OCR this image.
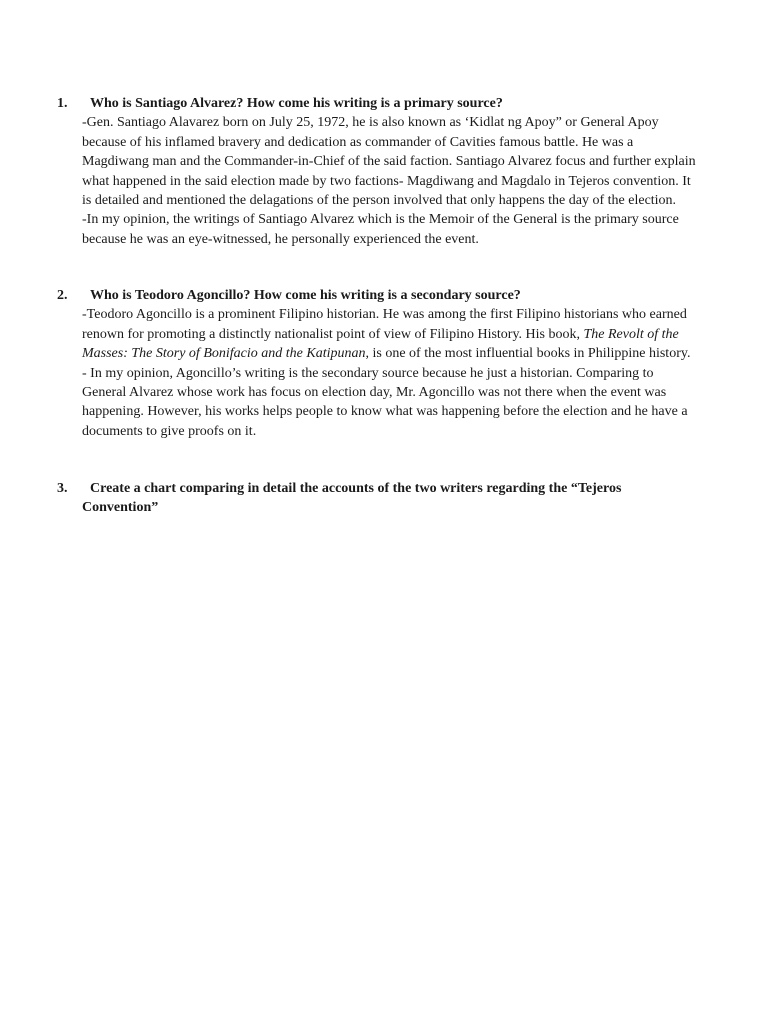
1.	Who is Santiago Alvarez? How come his writing is a primary source?

-Gen. Santiago Alavarez born on July 25, 1972, he is also known as ‘Kidlat ng Apoy” or General Apoy because of his inflamed bravery and dedication as commander of Cavities famous battle. He was a Magdiwang man and the Commander-in-Chief of the said faction. Santiago Alvarez focus and further explain what happened in the said election made by two factions- Magdiwang and Magdalo in Tejeros convention. It is detailed and mentioned the delagations of the person involved that only happens the day of the election.

-In my opinion, the writings of Santiago Alvarez which is the Memoir of the General is the primary source because he was an eye-witnessed, he personally experienced the event.

2.	Who is Teodoro Agoncillo? How come his writing is a secondary source?

-Teodoro Agoncillo is a prominent Filipino historian. He was among the first Filipino historians who earned renown for promoting a distinctly nationalist point of view of Filipino History. His book, The Revolt of the Masses: The Story of Bonifacio and the Katipunan, is one of the most influential books in Philippine history.

- In my opinion, Agoncillo’s writing is the secondary source because he just a historian. Comparing to General Alvarez whose work has focus on election day, Mr. Agoncillo was not there when the event was happening. However, his works helps people to know what was happening before the election and he have a documents to give proofs on it.

3.	Create a chart comparing in detail the accounts of the two writers regarding the “Tejeros
Convention”
